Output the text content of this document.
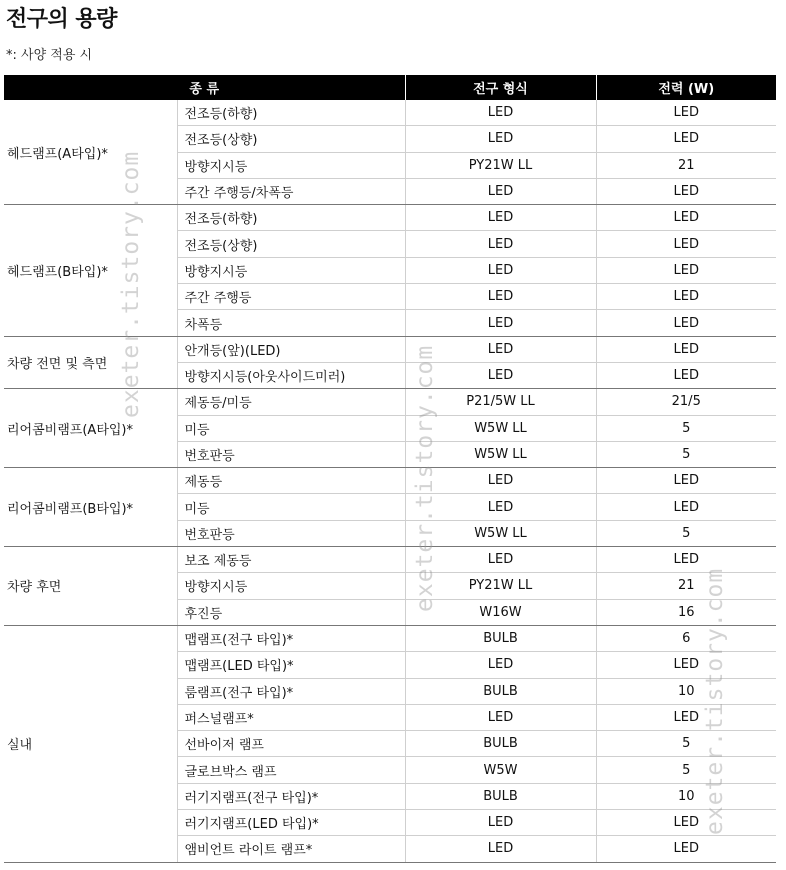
전구의 용량
*: 사양 적용 시
종 류		전구 형식	전력 (W)
헤드램프(A타입)*	전조등(하향)	LED	LED
	전조등(상향)	LED	LED
	방향지시등	PY21W LL	21
	주간 주행등/차폭등	LED	LED
헤드램프(B타입)*	전조등(하향)	LED	LED
	전조등(상향)	LED	LED
	방향지시등	LED	LED
	주간 주행등	LED	LED
	차폭등	LED	LED
차량 전면 및 측면	안개등(앞)(LED)	LED	LED
	방향지시등(아웃사이드미러)	LED	LED
리어콤비램프(A타입)*	제동등/미등	P21/5W LL	21/5
	미등	W5W LL	5
	번호판등	W5W LL	5
리어콤비램프(B타입)*	제동등	LED	LED
	미등	LED	LED
	번호판등	W5W LL	5
차량 후면	보조 제동등	LED	LED
	방향지시등	PY21W LL	21
	후진등	W16W	16
실내	맵램프(전구 타입)*	BULB	6
	맵램프(LED 타입)*	LED	LED
	룸램프(전구 타입)*	BULB	10
	퍼스널램프*	LED	LED
	선바이저 램프	BULB	5
	글로브박스 램프	W5W	5
	러기지램프(전구 타입)*	BULB	10
	러기지램프(LED 타입)*	LED	LED
	앰비언트 라이트 램프*	LED	LED
exeter.tistory.com
exeter.tistory.com
exeter.tistory.com
